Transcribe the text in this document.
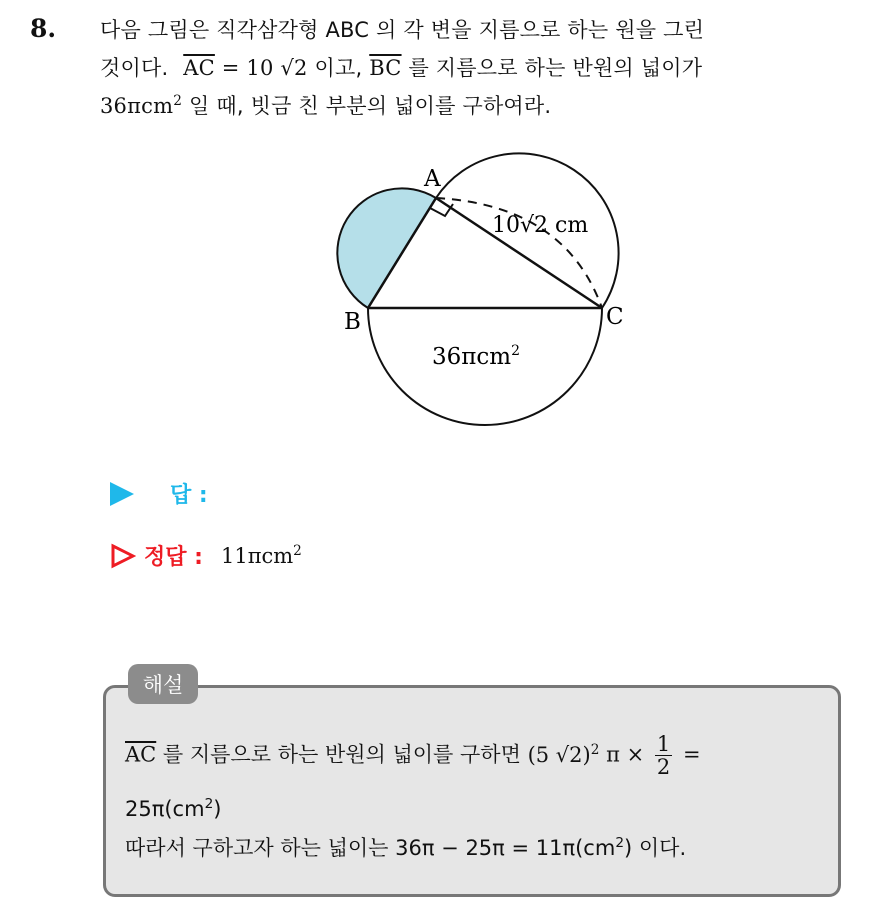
8. 다음 그림은 직각삼각형 ABC 의 각 변을 지름으로 하는 원을 그린
것이다. $\overline{AC} = 10$ √2 이고, $\overline{BC}$ 를 지름으로 하는 반원의 넓이가
36πcm$^2$ 일 때, 빗금 친 부분의 넓이를 구하여라.
A
B	C
10√2 cm
36πcm$^2$
답 :
정답 : 11πcm$^2$
해설
$\overline{AC}$ 를 지름으로 하는 반원의 넓이를 구하면 (5 √2)$^2$ $\pi \times \frac{1}{2}$ =
$25\pi(cm^2)$
따라서 구하고자 하는 넓이는 $36\pi - 25\pi = 11\pi(cm^2)$ 이다.
